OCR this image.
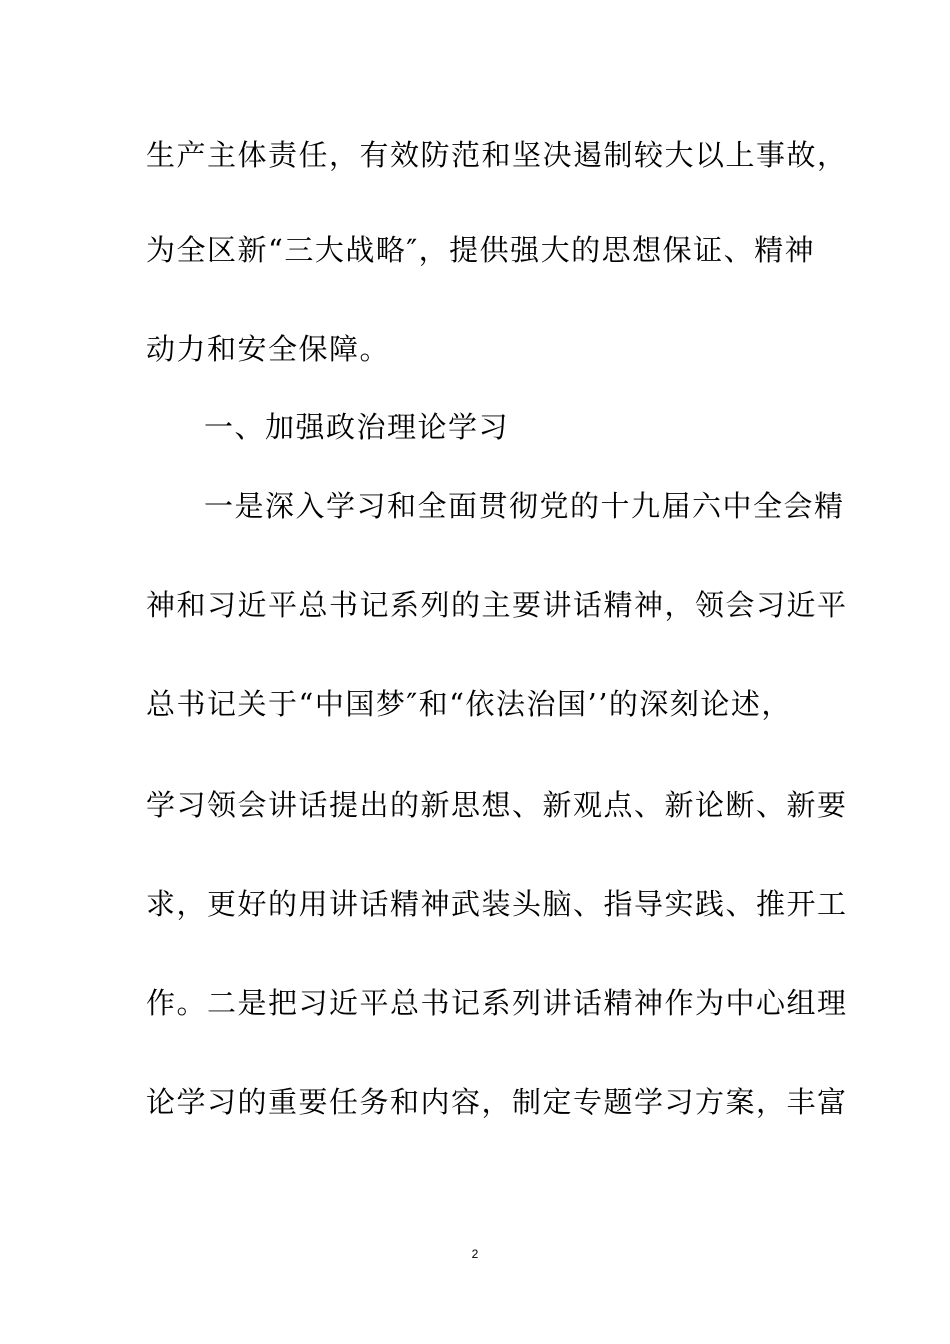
生产主体责任，有效防范和坚决遏制较大以上事故，
为全区新“三大战略″，提供强大的思想保证、精神
动力和安全保障。
一、加强政治理论学习
一是深入学习和全面贯彻党的十九届六中全会精
神和习近平总书记系列的主要讲话精神，领会习近平
总书记关于“中国梦″和“依法治国’’的深刻论述，
学习领会讲话提出的新思想、新观点、新论断、新要
求，更好的用讲话精神武装头脑、指导实践、推开工
作。二是把习近平总书记系列讲话精神作为中心组理
论学习的重要任务和内容，制定专题学习方案，丰富
2
